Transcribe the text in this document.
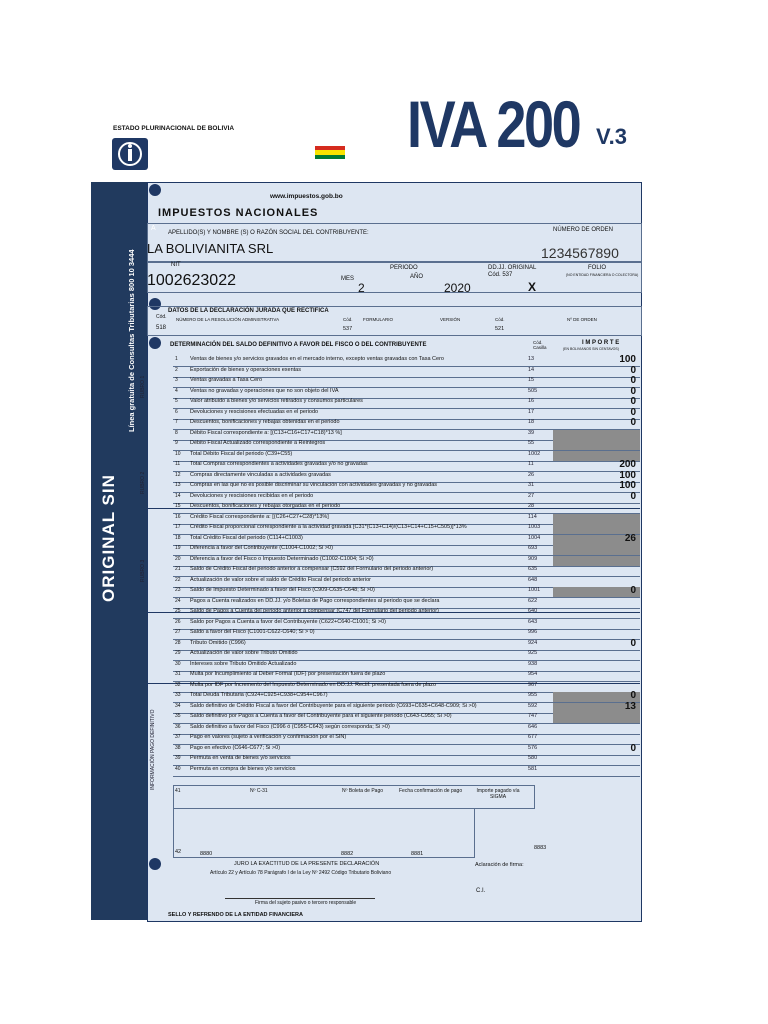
ESTADO PLURINACIONAL DE BOLIVIA	IVA 200 V.3
ORIGINAL SIN
Línea gratuita de Consultas Tributarias 800 10 3444
www.impuestos.gob.bo
IMPUESTOS NACIONALES
A
APELLIDO(S) Y NOMBRE (S) O RAZÓN SOCIAL DEL CONTRIBUYENTE:
LA BOLIVIANITA SRL
NÚMERO DE ORDEN
1234567890
NIT
1002623022
PERIODO
MES	AÑO
2	2020
DD.JJ. ORIGINAL
Cód. 537
X
FOLIO
(NO ENTIDAD FINANCIERA O COLECTORA)
DATOS DE LA DECLARACIÓN JURADA QUE RECTIFICA
Cód.
518
NÚMERO DE LA RESOLUCIÓN ADMINISTRATIVA	Cód.
537
FORMULARIO	VERSIÓN	Cód.
521
Nº DE ORDEN
DETERMINACIÓN DEL SALDO DEFINITIVO A FAVOR DEL FISCO O DEL CONTRIBUYENTE	Cód. Casilla
I M P O R T E
(EN BOLIVIANOS SIN CENTAVOS)
RUBRO 1
RUBRO 2
RUBRO 3
INFORMACIÓN PAGO DEFINITIVO
1 Ventas de bienes y/o servicios gravados en el mercado interno, excepto ventas gravadas con Tasa Cero	13	100
2 Exportación de bienes y operaciones exentas	14	0
3 Ventas gravadas a Tasa Cero	15	0
4 Ventas no gravadas y operaciones que no son objeto del IVA	505	0
5 Valor atribuido a bienes y/o servicios retirados y consumos particulares	16	0
6 Devoluciones y rescisiones efectuadas en el periodo	17	0
7 Descuentos, bonificaciones y rebajas obtenidas en el periodo	18	0
8 Débito Fiscal correspondiente a: [(C13+C16+C17+C18)*13 %]	39
9 Débito Fiscal Actualizado correspondiente a Reintegros	55
10 Total Débito Fiscal del periodo (C39+C55)	1002
11 Total Compras correspondientes a actividades gravadas y/o no gravadas	11	200
12 Compras directamente vinculadas a actividades gravadas	26	100
13 Compras en las que no es posible discriminar su vinculación con actividades gravadas y no gravadas	31	100
14 Devoluciones y rescisiones recibidas en el periodo	27	0
15 Descuentos, bonificaciones y rebajas otorgadas en el periodo	28
16 Crédito Fiscal correspondiente a: [(C26+C27+C28)*13%]	114
17 Crédito Fiscal proporcional correspondiente a la actividad gravada [C31*(C13+C14)/(C13+C14+C15+C505)]*13%	1003
18 Total Crédito Fiscal del periodo (C114+C1003)	1004	26
19 Diferencia a favor del Contribuyente (C1004-C1002; Si >0)	693
20 Diferencia a favor del Fisco o Impuesto Determinado (C1002-C1004; Si >0)	909
21 Saldo de Crédito Fiscal del periodo anterior a compensar (C592 del Formulario del periodo anterior)	635
22 Actualización de valor sobre el saldo de Crédito Fiscal del periodo anterior	648
23 Saldo de Impuesto Determinado a favor del Fisco (C909-C635-C648; Si >0)	1001	0
24 Pagos a Cuenta realizados en DD.JJ. y/o Boletas de Pago correspondientes al periodo que se declara	622
25 Saldo de Pagos a Cuenta del periodo anterior a compensar (C747 del Formulario del periodo anterior)	640
26 Saldo por Pagos a Cuenta a favor del Contribuyente (C622+C640-C1001; Si >0)	643
27 Saldo a favor del Fisco (C1001-C622-C640; Si > 0)	996
28 Tributo Omitido (C996)	924	0
29 Actualización de valor sobre Tributo Omitido	925
30 Intereses sobre Tributo Omitido Actualizado	938
31 Multa por Incumplimiento al Deber Formal (IDF) por presentación fuera de plazo	954
32 Multa por IDF por Incremento del Impuesto Determinado en DD.JJ. Rectif. presentada fuera de plazo	967
33 Total Deuda Tributaria (C924+C925+C938+C954+C967)	955	0
34 Saldo definitivo de Crédito Fiscal a favor del Contribuyente para el siguiente periodo (C693+C635+C648-C909; Si >0)	592	13
35 Saldo definitivo por Pagos a Cuenta a favor del Contribuyente para el siguiente periodo (C643-C955; Si >0)	747
36 Saldo definitivo a favor del Fisco (C996 ó (C955-C643) según corresponda; Si >0)	646
37 Pago en valores (sujeto a verificación y confirmación por el SIN)	677
38 Pago en efectivo (C646-C677; Si >0)	576	0
39 Permuta en venta de bienes y/o servicios	580
40 Permuta en compra de bienes y/o servicios	581
41	Nº C-31	Nº Boleta de Pago	Fecha confirmación de pago	Importe pagado vía SIGMA
8883
42	8880	8882	8881
JURO LA EXACTITUD DE LA PRESENTE DECLARACIÓN
Artículo 22 y Artículo 78 Parágrafo I de la Ley Nº 2492 Código Tributario Boliviano
Aclaración de firma:
C.I.
Firma del sujeto pasivo o tercero responsable
SELLO Y REFRENDO DE LA ENTIDAD FINANCIERA
